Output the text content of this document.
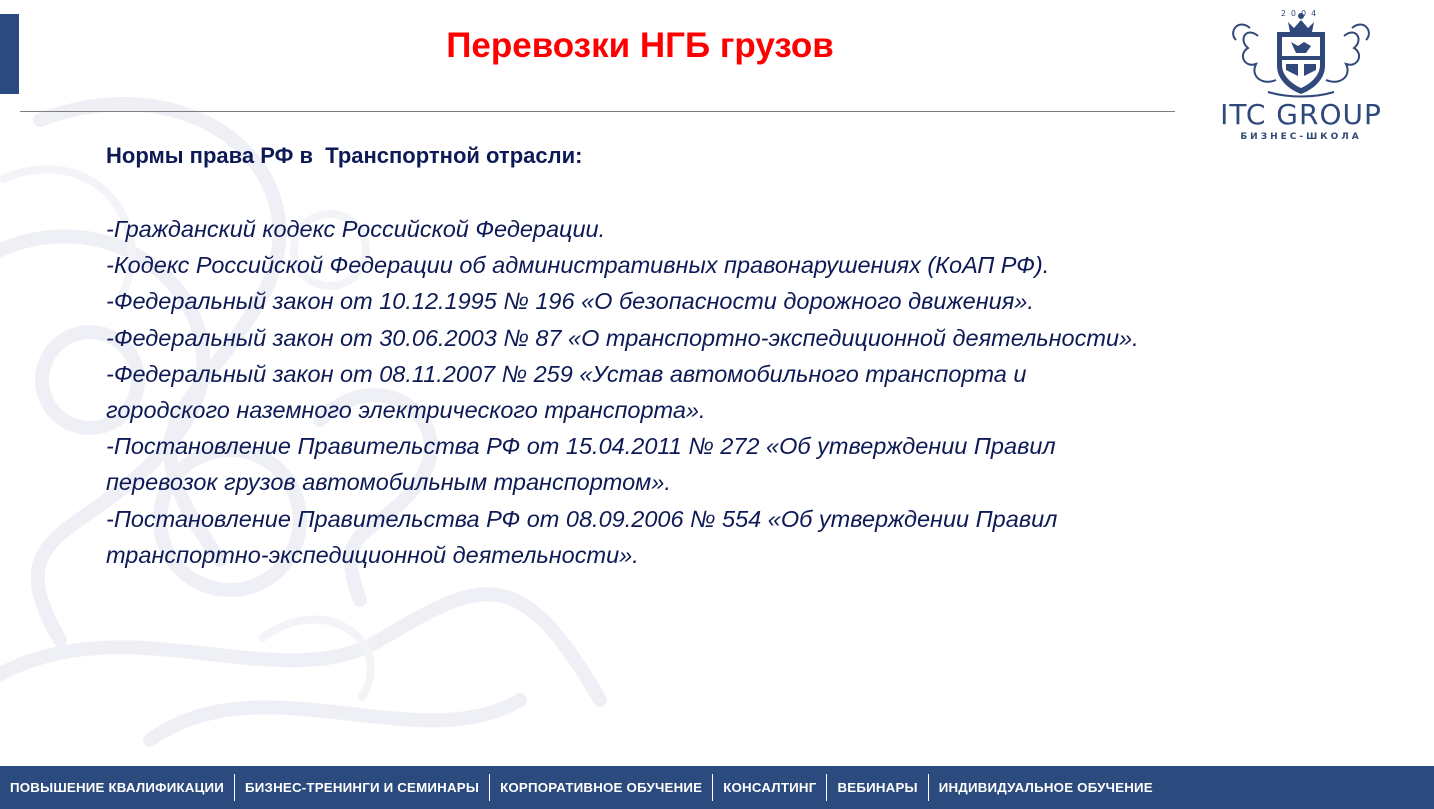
Перевозки НГБ грузов
2004
ITC GROUP
БИЗНЕС-ШКОЛА

Нормы права РФ в  Транспортной отрасли:

-Гражданский кодекс Российской Федерации.
-Кодекс Российской Федерации об административных правонарушениях (КоАП РФ).
-Федеральный закон от 10.12.1995 № 196 «О безопасности дорожного движения».
-Федеральный закон от 30.06.2003 № 87 «О транспортно-экспедиционной деятельности».
-Федеральный закон от 08.11.2007 № 259 «Устав автомобильного транспорта и
городского наземного электрического транспорта».
-Постановление Правительства РФ от 15.04.2011 № 272 «Об утверждении Правил
перевозок грузов автомобильным транспортом».
-Постановление Правительства РФ от 08.09.2006 № 554 «Об утверждении Правил
транспортно-экспедиционной деятельности».
ПОВЫШЕНИЕ КВАЛИФИКАЦИИ	БИЗНЕС-ТРЕНИНГИ И СЕМИНАРЫ	КОРПОРАТИВНОЕ ОБУЧЕНИЕ	КОНСАЛТИНГ	ВЕБИНАРЫ	ИНДИВИДУАЛЬНОЕ ОБУЧЕНИЕ
